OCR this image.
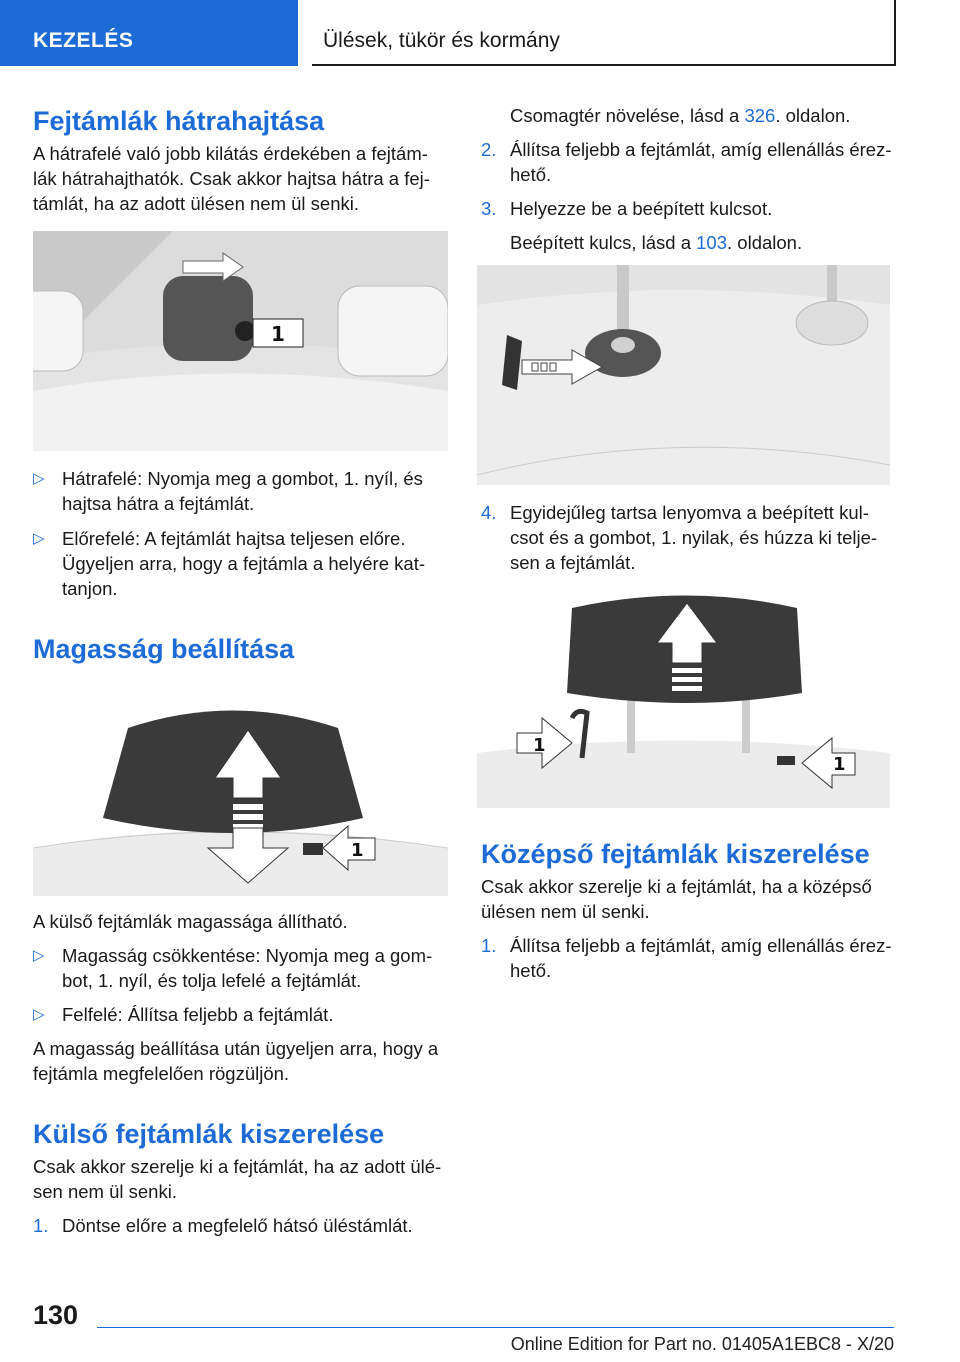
KEZELÉS	Ülések, tükör és kormány
Fejtámlák hátrahajtása

A hátrafelé való jobb kilátás érdekében a fejtám-lák hátrahajthatók. Csak akkor hajtsa hátra a fej-támlát, ha az adott ülésen nem ül senki.

1
▷ Hátrafelé: Nyomja meg a gombot, 1. nyíl, és hajtsa hátra a fejtámlát.
▷ Előrefelé: A fejtámlát hajtsa teljesen előre. Ügyeljen arra, hogy a fejtámla a helyére kat-tanjon.
Magasság beállítása
1

A külső fejtámlák magassága állítható.

▷ Magasság csökkentése: Nyomja meg a gom-bot, 1. nyíl, és tolja lefelé a fejtámlát.
▷ Felfelé: Állítsa feljebb a fejtámlát.

A magasság beállítása után ügyeljen arra, hogy a fejtámla megfelelően rögzüljön.

Külső fejtámlák kiszerelése

Csak akkor szerelje ki a fejtámlát, ha az adott ülé-sen nem ül senki.

1. Döntse előre a megfelelő hátsó üléstámlát.

Csomagtér növelése, lásd a 326. oldalon.

2. Állítsa feljebb a fejtámlát, amíg ellenállás érez-hető.
3. Helyezze be a beépített kulcsot.

Beépített kulcs, lásd a 103. oldalon.

4. Egyidejűleg tartsa lenyomva a beépített kul-csot és a gombot, 1. nyilak, és húzza ki telje-sen a fejtámlát.
1
1
Középső fejtámlák kiszerelése

Csak akkor szerelje ki a fejtámlát, ha a középső ülésen nem ül senki.

1. Állítsa feljebb a fejtámlát, amíg ellenállás érez-hető.
130
Online Edition for Part no. 01405A1EBC8 - X/20
